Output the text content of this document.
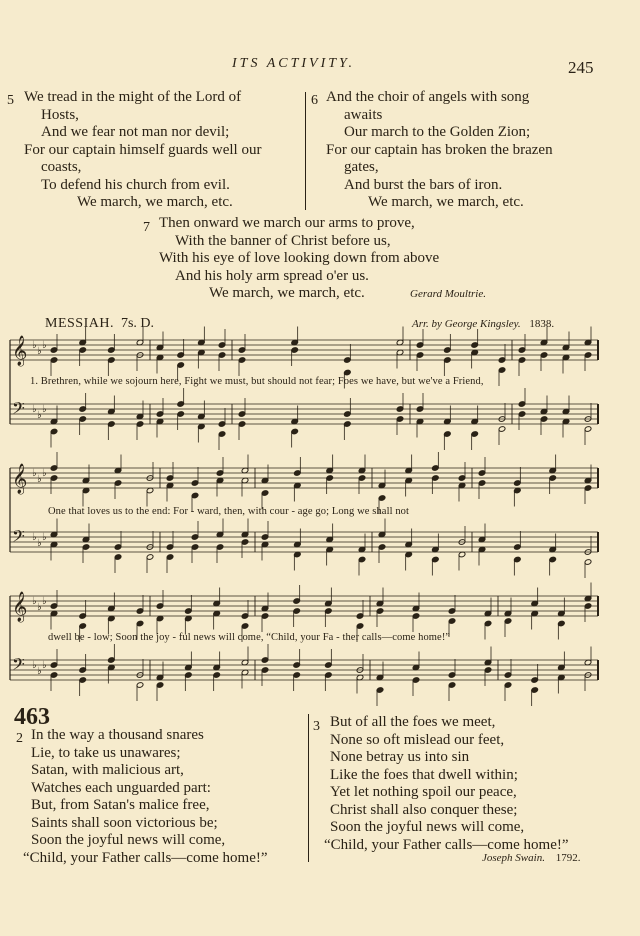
ITS ACTIVITY.	245
5 We tread in the might of the Lord of
Hosts,
And we fear not man nor devil;
For our captain himself guards well our
coasts,
To defend his church from evil.
We march, we march, etc.
6 And the choir of angels with song
awaits
Our march to the Golden Zion;
For our captain has broken the brazen
gates,
And burst the bars of iron.
We march, we march, etc.
7 Then onward we march our arms to prove,
With the banner of Christ before us,
With his eye of love looking down from above
And his holy arm spread o'er us.
We march, we march, etc.	Gerard Moultrie.
MESSIAH. 7s. D.	Arr. by George Kingsley. 1838.
𝄞 ♭
♭
♭
𝄢 ♭
♭
♭
𝄞 ♭
♭
♭
𝄢 ♭
♭
♭
𝄞 ♭
♭
♭
𝄢 ♭
♭
♭
1. Brethren, while we sojourn here, Fight we must, but should not fear; Foes we have, but we've a Friend,
One that loves us to the end: For - ward, then, with cour - age go; Long we shall not
dwell be - low; Soon the joy - ful news will come, “Child, your Fa - ther calls—come home!”
463
2 In the way a thousand snares
Lie, to take us unawares;
Satan, with malicious art,
Watches each unguarded part:
But, from Satan's malice free,
Saints shall soon victorious be;
Soon the joyful news will come,
“Child, your Father calls—come home!”
3 But of all the foes we meet,
None so oft mislead our feet,
None betray us into sin
Like the foes that dwell within;
Yet let nothing spoil our peace,
Christ shall also conquer these;
Soon the joyful news will come,
“Child, your Father calls—come home!”
Joseph Swain. 1792.
